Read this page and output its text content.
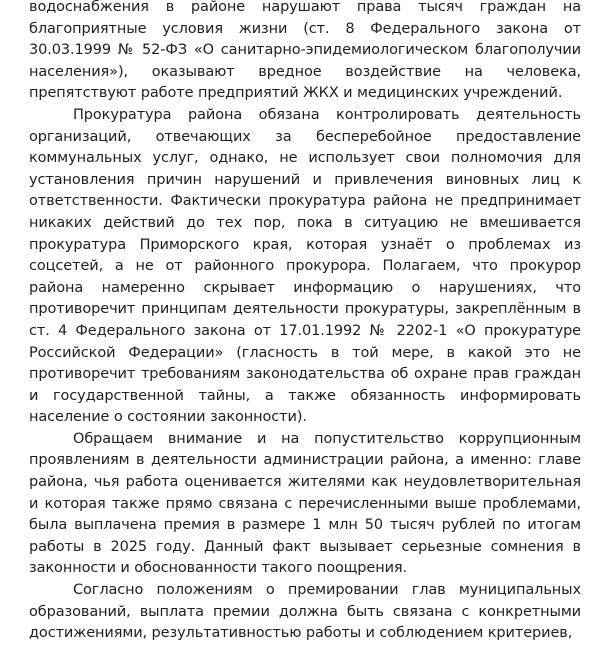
водоснабжения в районе нарушают права тысяч граждан на благоприятные условия жизни (ст. 8 Федерального закона от 30.03.1999 № 52-ФЗ «О санитарно-эпидемиологическом благополучии населения»), оказывают вредное воздействие на человека, препятствуют работе предприятий ЖКХ и медицинских учреждений.

Прокуратура района обязана контролировать деятельность организаций, отвечающих за бесперебойное предоставление коммунальных услуг, однако, не использует свои полномочия для установления причин нарушений и привлечения виновных лиц к ответственности. Фактически прокуратура района не предпринимает никаких действий до тех пор, пока в ситуацию не вмешивается прокуратура Приморского края, которая узнаёт о проблемах из соцсетей, а не от районного прокурора. Полагаем, что прокурор района намеренно скрывает информацию о нарушениях, что противоречит принципам деятельности прокуратуры, закреплённым в ст. 4 Федерального закона от 17.01.1992 № 2202-1 «О прокуратуре Российской Федерации» (гласность в той мере, в какой это не противоречит требованиям законодательства об охране прав граждан и государственной тайны, а также обязанность информировать население о состоянии законности).

Обращаем внимание и на попустительство коррупционным проявлениям в деятельности администрации района, а именно: главе района, чья работа оценивается жителями как неудовлетворительная и которая также прямо связана с перечисленными выше проблемами, была выплачена премия в размере 1 млн 50 тысяч рублей по итогам работы в 2025 году. Данный факт вызывает серьезные сомнения в законности и обоснованности такого поощрения.

Согласно положениям о премировании глав муниципальных образований, выплата премии должна быть связана с конкретными достижениями, результативностью работы и соблюдением критериев,
